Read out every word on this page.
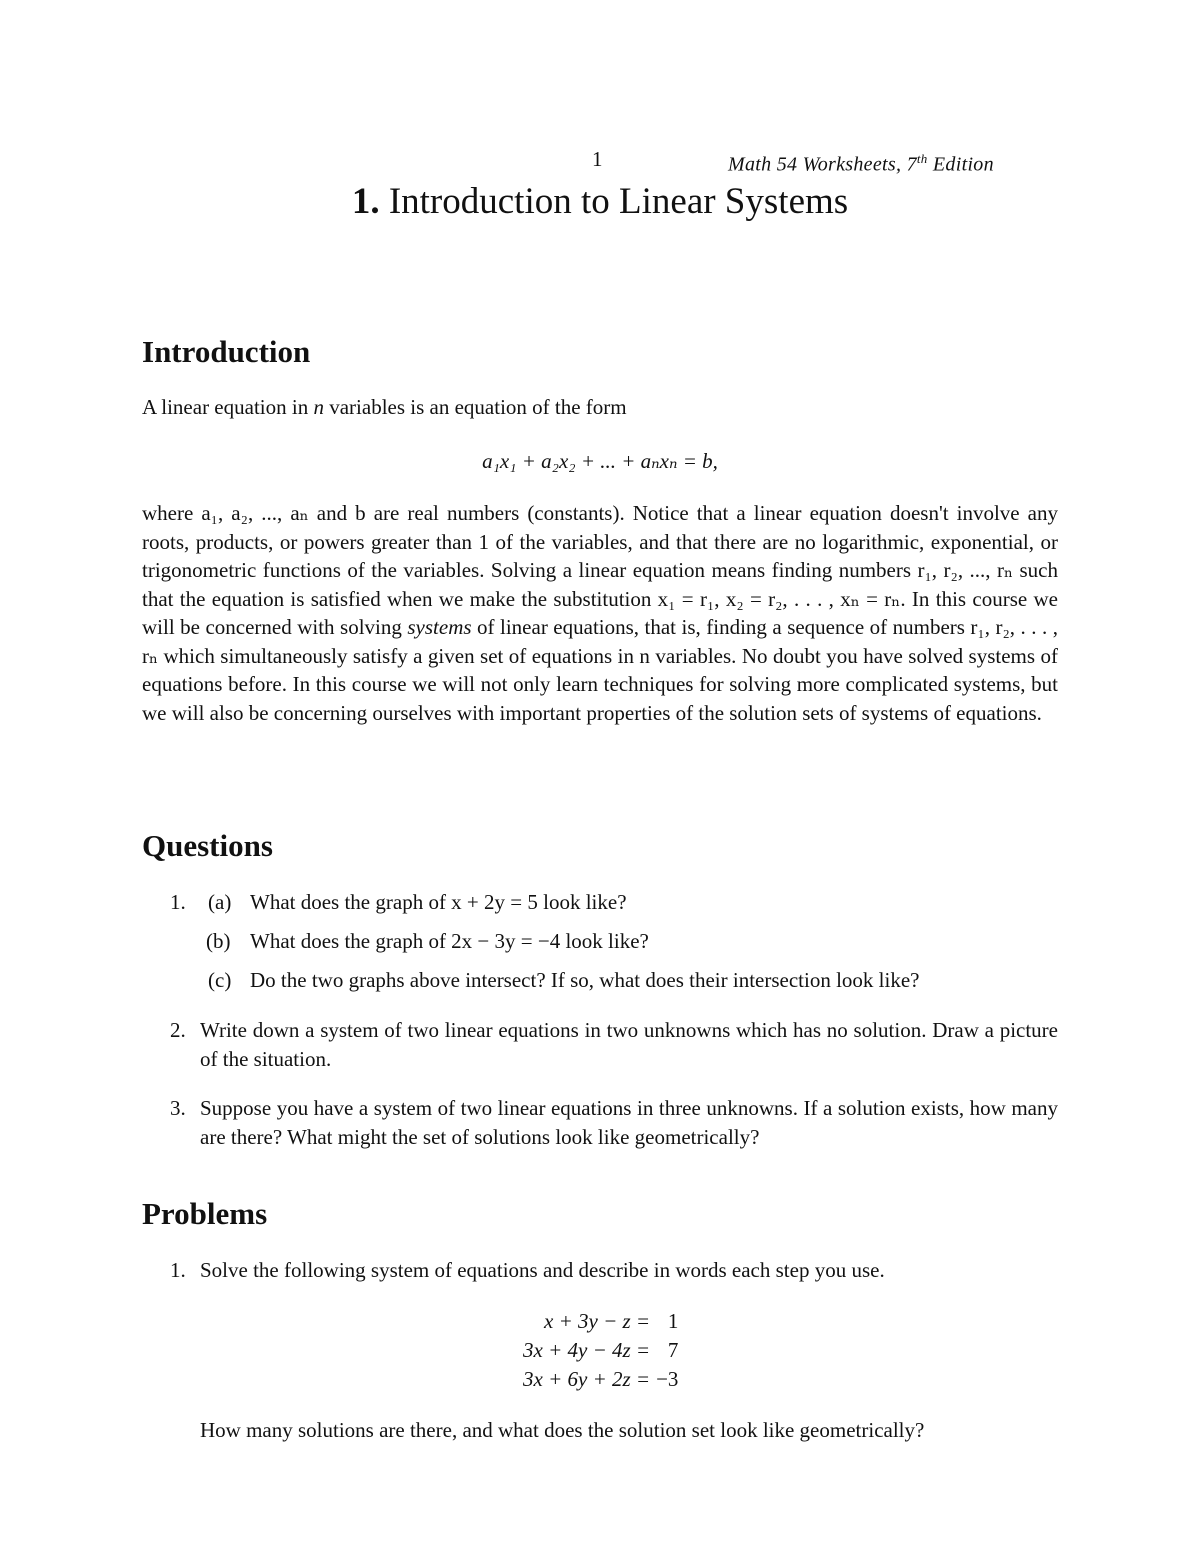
1	Math 54 Worksheets, 7th Edition
1. Introduction to Linear Systems
Introduction
A linear equation in n variables is an equation of the form
a₁x₁ + a₂x₂ + ... + aₙxₙ = b,
where a₁, a₂, ..., aₙ and b are real numbers (constants). Notice that a linear equation doesn't involve any roots, products, or powers greater than 1 of the variables, and that there are no logarithmic, exponential, or trigonometric functions of the variables. Solving a linear equation means finding numbers r₁, r₂, ..., rₙ such that the equation is satisfied when we make the substitution x₁ = r₁, x₂ = r₂, . . . , xₙ = rₙ. In this course we will be concerned with solving systems of linear equations, that is, finding a sequence of numbers r₁, r₂, . . . , rₙ which simultaneously satisfy a given set of equations in n variables. No doubt you have solved systems of equations before. In this course we will not only learn techniques for solving more complicated systems, but we will also be concerning ourselves with important properties of the solution sets of systems of equations.
Questions
1. (a) What does the graph of x + 2y = 5 look like?
(b) What does the graph of 2x − 3y = −4 look like?
(c) Do the two graphs above intersect? If so, what does their intersection look like?
2. Write down a system of two linear equations in two unknowns which has no solution. Draw a picture of the situation.
3. Suppose you have a system of two linear equations in three unknowns. If a solution exists, how many are there? What might the set of solutions look like geometrically?
Problems
1. Solve the following system of equations and describe in words each step you use.
x + 3y − z =	1
3x + 4y − 4z =	7
3x + 6y + 2z =	−3
How many solutions are there, and what does the solution set look like geometrically?
